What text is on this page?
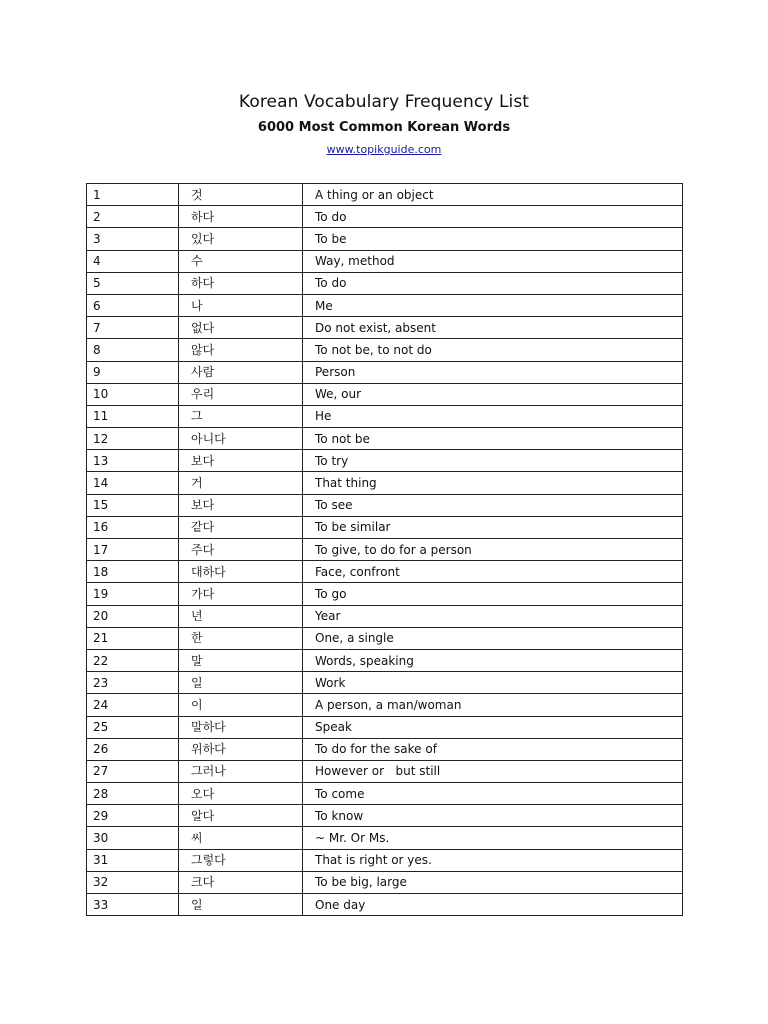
Korean Vocabulary Frequency List
6000 Most Common Korean Words
www.topikguide.com
1	것	A thing or an object
2	하다	To do
3	있다	To be
4	수	Way, method
5	하다	To do
6	나	Me
7	없다	Do not exist, absent
8	않다	To not be, to not do
9	사람	Person
10	우리	We, our
11	그	He
12	아니다	To not be
13	보다	To try
14	거	That thing
15	보다	To see
16	같다	To be similar
17	주다	To give, to do for a person
18	대하다	Face, confront
19	가다	To go
20	년	Year
21	한	One, a single
22	말	Words, speaking
23	일	Work
24	이	A person, a man/woman
25	말하다	Speak
26	위하다	To do for the sake of
27	그러나	However or   but still
28	오다	To come
29	알다	To know
30	씨	~ Mr. Or Ms.
31	그렇다	That is right or yes.
32	크다	To be big, large
33	일	One day
